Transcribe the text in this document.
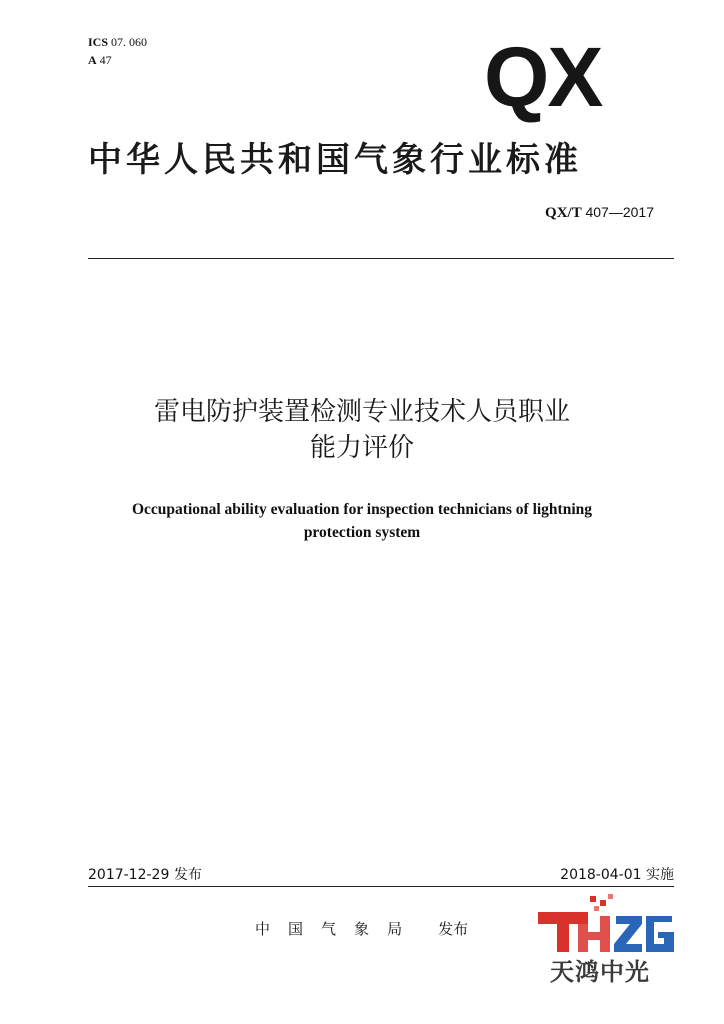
ICS 07. 060
A 47	QX
中华人民共和国气象行业标准
QX/T 407—2017
雷电防护装置检测专业技术人员职业
能力评价
Occupational ability evaluation for inspection technicians of lightning
protection system
2017-12-29 发布	2018-04-01 实施
中 国 气 象 局 发布
天鸿中光
